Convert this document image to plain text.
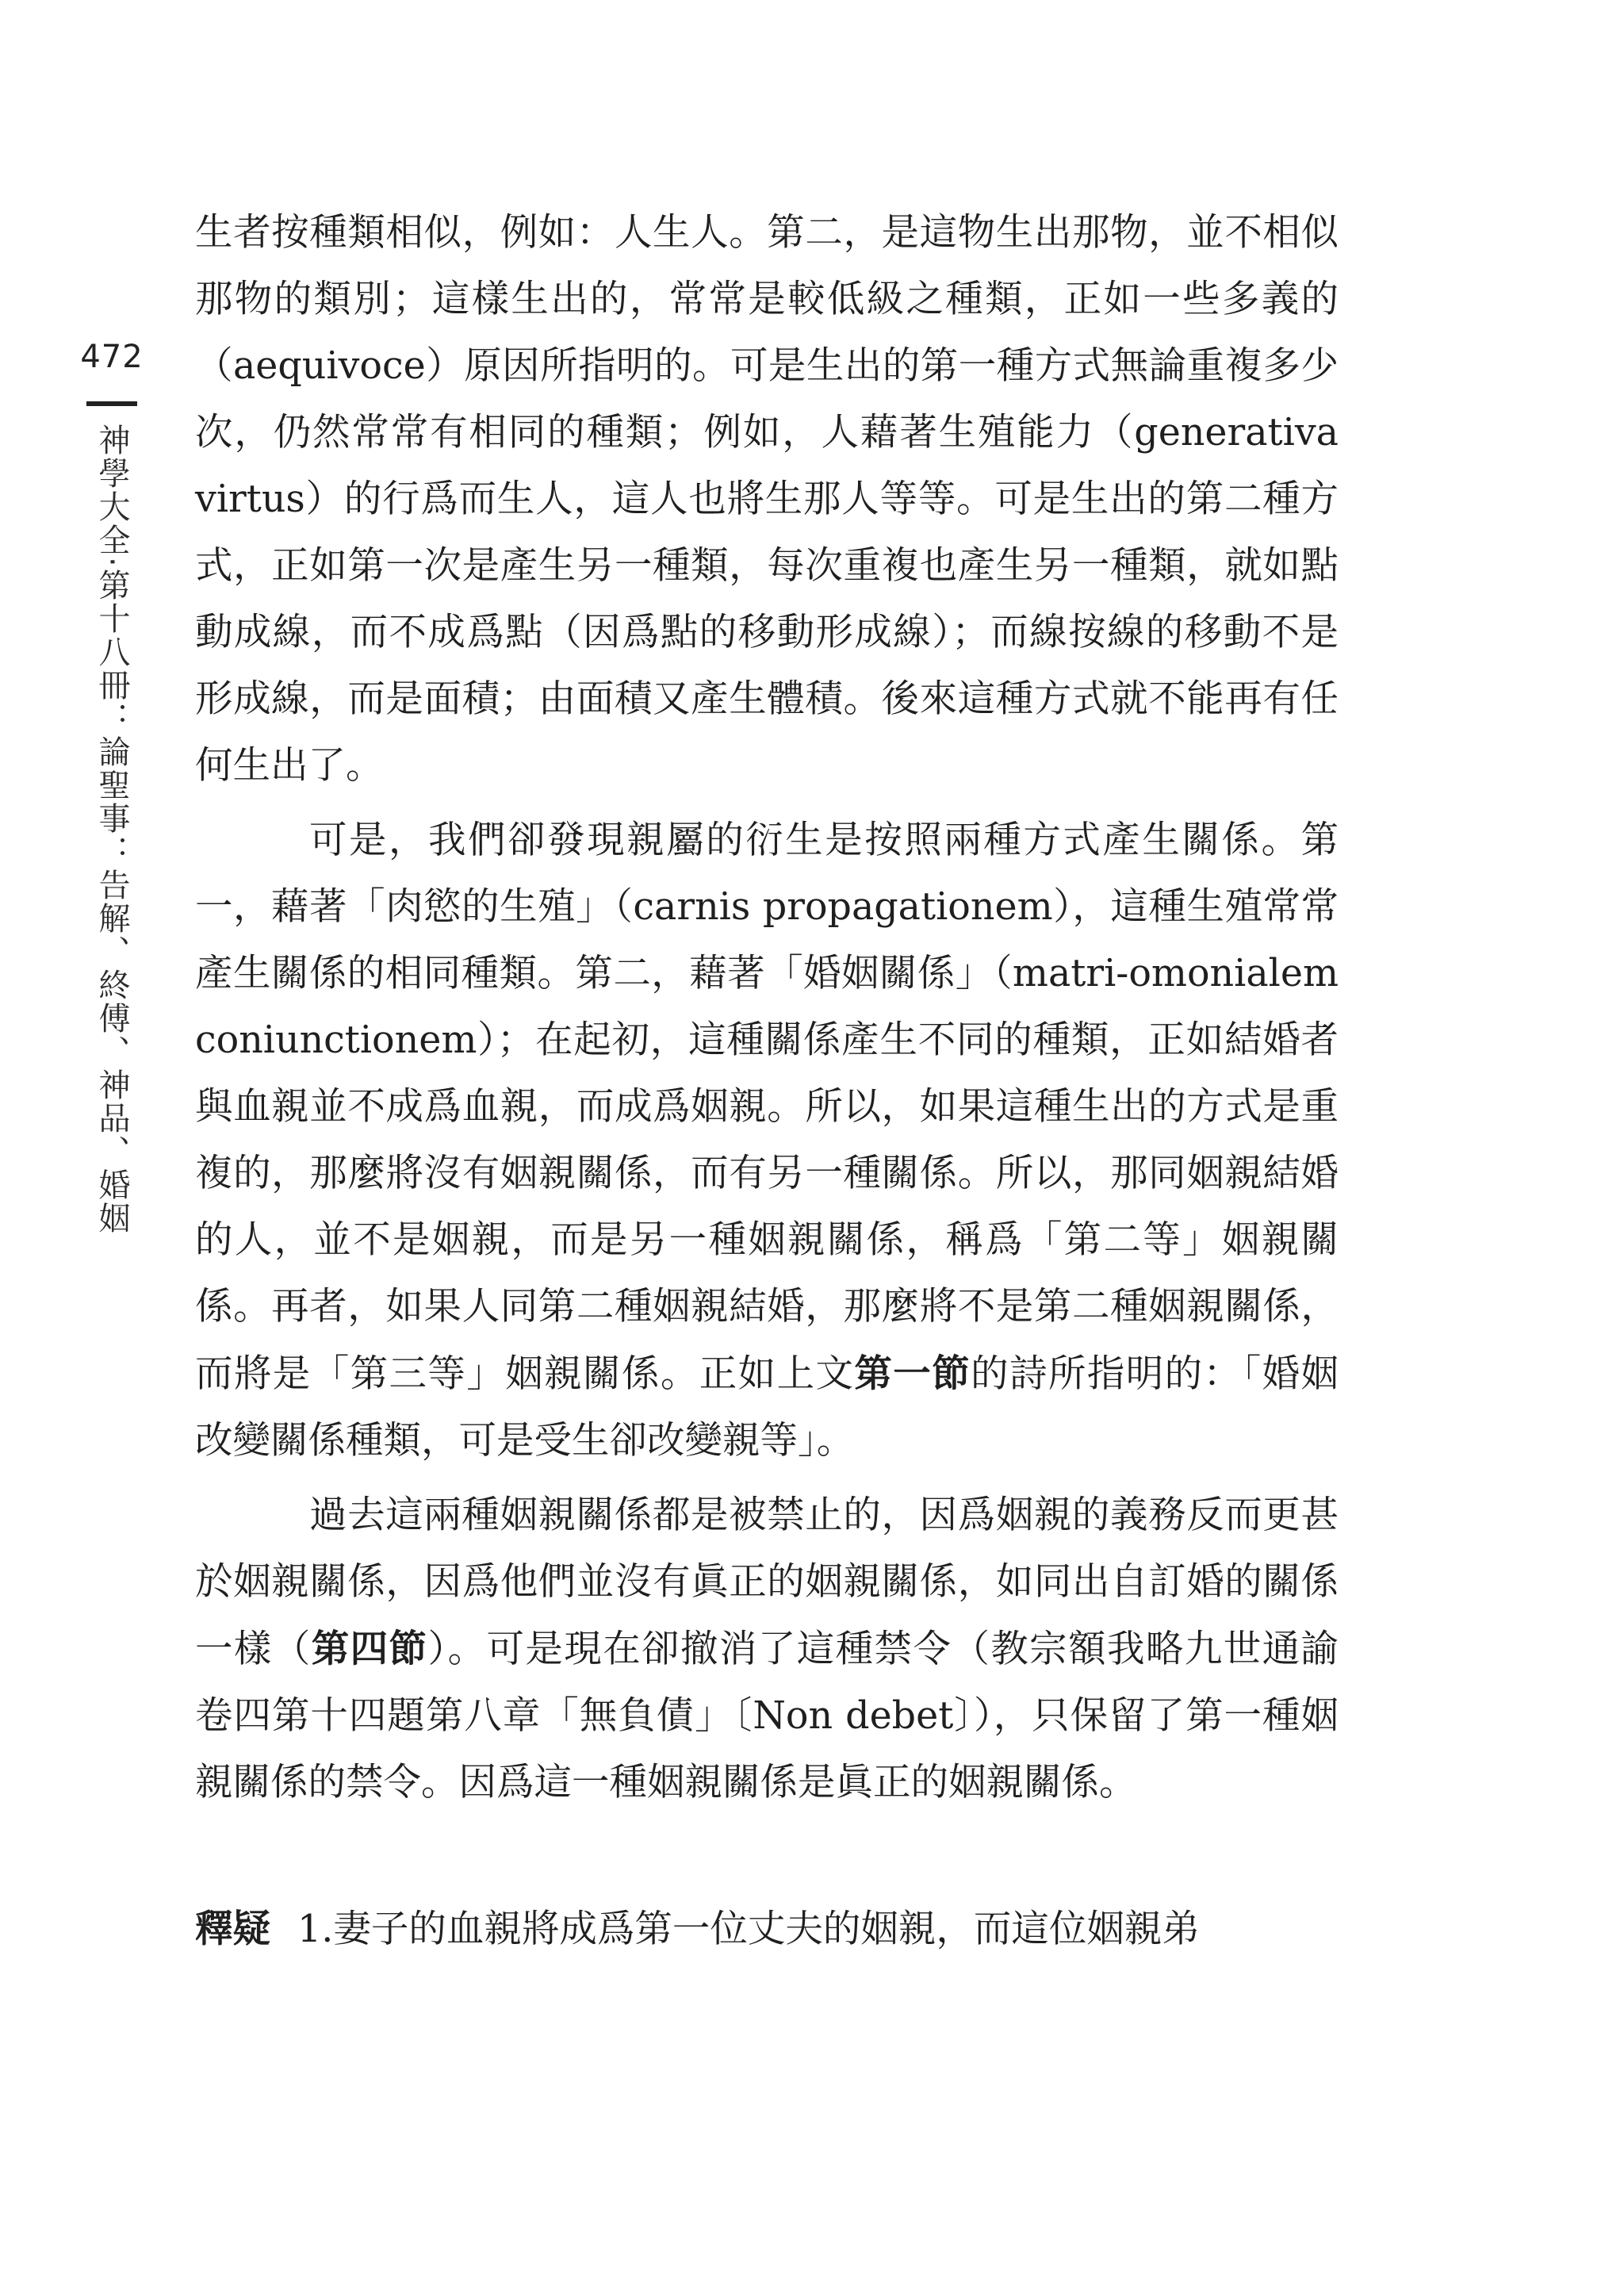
472
神學大全·第十八冊：論聖事：告解、終傅、神品、婚姻

生者按種類相似，例如：人生人。第二，是這物生出那物，並不相似那物的類別；這樣生出的，常常是較低級之種類，正如一些多義的（aequivoce）原因所指明的。可是生出的第一種方式無論重複多少次，仍然常常有相同的種類；例如，人藉著生殖能力（generativa virtus）的行爲而生人，這人也將生那人等等。可是生出的第二種方式，正如第一次是產生另一種類，每次重複也產生另一種類，就如點動成線，而不成爲點（因爲點的移動形成線）；而線按線的移動不是形成線，而是面積；由面積又產生體積。後來這種方式就不能再有任何生出了。

可是，我們卻發現親屬的衍生是按照兩種方式產生關係。第一，藉著「肉慾的生殖」（carnis propagationem），這種生殖常常產生關係的相同種類。第二，藉著「婚姻關係」（matri-omonialem coniunctionem）；在起初，這種關係產生不同的種類，正如結婚者與血親並不成爲血親，而成爲姻親。所以，如果這種生出的方式是重複的，那麼將沒有姻親關係，而有另一種關係。所以，那同姻親結婚的人，並不是姻親，而是另一種姻親關係，稱爲「第二等」姻親關係。再者，如果人同第二種姻親結婚，那麼將不是第二種姻親關係，而將是「第三等」姻親關係。正如上文第一節的詩所指明的：「婚姻改變關係種類，可是受生卻改變親等」。

過去這兩種姻親關係都是被禁止的，因爲姻親的義務反而更甚於姻親關係，因爲他們並沒有眞正的姻親關係，如同出自訂婚的關係一樣（第四節）。可是現在卻撤消了這種禁令（教宗額我略九世通諭卷四第十四題第八章「無負債」〔Non debet〕），只保留了第一種姻親關係的禁令。因爲這一種姻親關係是眞正的姻親關係。

釋疑 1.妻子的血親將成爲第一位丈夫的姻親，而這位姻親弟
